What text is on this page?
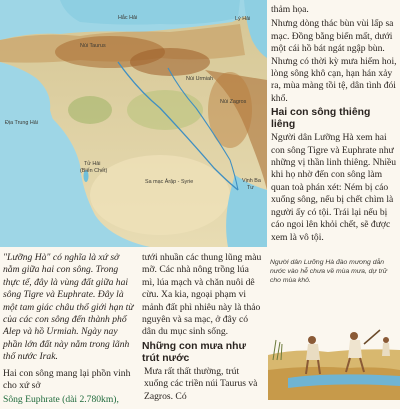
Hắc Hải	Lý Hải
Núi Taurus
Núi Urmiah
Núi Zagros
Địa Trung Hải
Tử Hải
(Biển Chết)
Sa mạc Ảrập - Syrie	Vịnh Ba
Tư

thảm họa.

Nhưng dòng thác bùn vùi lấp sa mạc. Đồng bằng biến mất, dưới một cái hồ bát ngát ngập bùn. Nhưng có thời kỳ mưa hiếm hoi, lòng sông khô cạn, hạn hán xảy ra, mùa màng tồi tệ, dân tình đói khổ.

Hai con sông thiêng liêng

Người dân Lưỡng Hà xem hai con sông Tigre và Euphrate như những vị thần linh thiêng. Nhiều khi họ nhờ đến con sông làm quan toà phán xét: Ném bị cáo xuống sông, nếu bị chết chìm là người ấy có tội. Trái lại nếu bị cáo ngoi lên khỏi chết, sẽ được xem là vô tội.

"Lưỡng Hà" có nghĩa là xứ sở nằm giữa hai con sông. Trong thực tế, đây là vùng đất giữa hai sông Tigre và Euphrate. Đây là một tam giác châu thổ giới hạn từ của các con sông đến thành phố Alep và hồ Urmiah. Ngày nay phần lớn đất này nằm trong lãnh thổ nước Irak.

Hai con sông mang lại phồn vinh cho xứ sở

Sông Euphrate (dài 2.780km),

tưới nhuần các thung lũng màu mỡ. Các nhà nông trồng lúa mì, lúa mạch và chăn nuôi dê cừu. Xa kia, ngoại phạm vi mảnh đất phì nhiêu này là thảo nguyên và sa mạc, ở đây có dân du mục sinh sống.

Những con mưa như trút nước

Mưa rất thất thường, trút xuống các triền núi Taurus và Zagros. Có

Người dân Lưỡng Hà đào mương dẫn nước vào hễ chưa về mùa mưa, dự trữ cho mùa khô.
